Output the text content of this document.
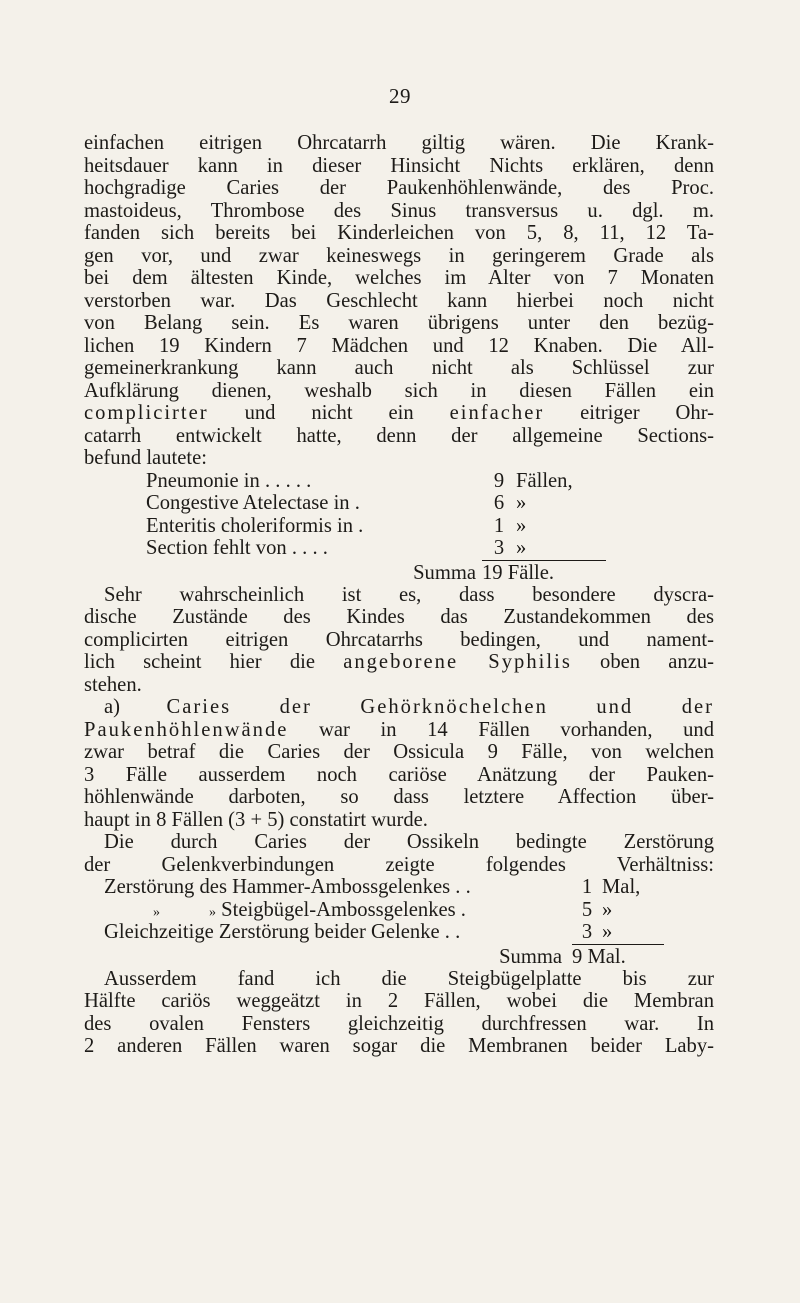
29
einfachen eitrigen Ohrcatarrh giltig wären. Die Krank-
heitsdauer kann in dieser Hinsicht Nichts erklären, denn
hochgradige Caries der Paukenhöhlenwände, des Proc.
mastoideus, Thrombose des Sinus transversus u. dgl. m.
fanden sich bereits bei Kinderleichen von 5, 8, 11, 12 Ta-
gen vor, und zwar keineswegs in geringerem Grade als
bei dem ältesten Kinde, welches im Alter von 7 Monaten
verstorben war. Das Geschlecht kann hierbei noch nicht
von Belang sein. Es waren übrigens unter den bezüg-
lichen 19 Kindern 7 Mädchen und 12 Knaben. Die All-
gemeinerkrankung kann auch nicht als Schlüssel zur
Aufklärung dienen, weshalb sich in diesen Fällen ein
complicirter und nicht ein einfacher eitriger Ohr-
catarrh entwickelt hatte, denn der allgemeine Sections-
befund lautete:
Pneumonie in . . . . .	9 Fällen,
Congestive Atelectase in .	6 »
Enteritis choleriformis in .	1 »
Section fehlt von . . . .	3 »
Summa 19 Fälle.
Sehr wahrscheinlich ist es, dass besondere dyscra-
dische Zustände des Kindes das Zustandekommen des
complicirten eitrigen Ohrcatarrhs bedingen, und nament-
lich scheint hier die angeborene Syphilis oben anzu-
stehen.
a) Caries der Gehörknöchelchen und der
Paukenhöhlenwände war in 14 Fällen vorhanden, und
zwar betraf die Caries der Ossicula 9 Fälle, von welchen
3 Fälle ausserdem noch cariöse Anätzung der Pauken-
höhlenwände darboten, so dass letztere Affection über-
haupt in 8 Fällen (3 + 5) constatirt wurde.
Die durch Caries der Ossikeln bedingte Zerstörung
der Gelenkverbindungen zeigte folgendes Verhältniss:
Zerstörung des Hammer-Ambossgelenkes . .	1 Mal,
»	» Steigbügel-Ambossgelenkes .	5 »
Gleichzeitige Zerstörung beider Gelenke . .	3 »
Summa 9 Mal.
Ausserdem fand ich die Steigbügelplatte bis zur
Hälfte cariös weggeätzt in 2 Fällen, wobei die Membran
des ovalen Fensters gleichzeitig durchfressen war. In
2 anderen Fällen waren sogar die Membranen beider Laby-
